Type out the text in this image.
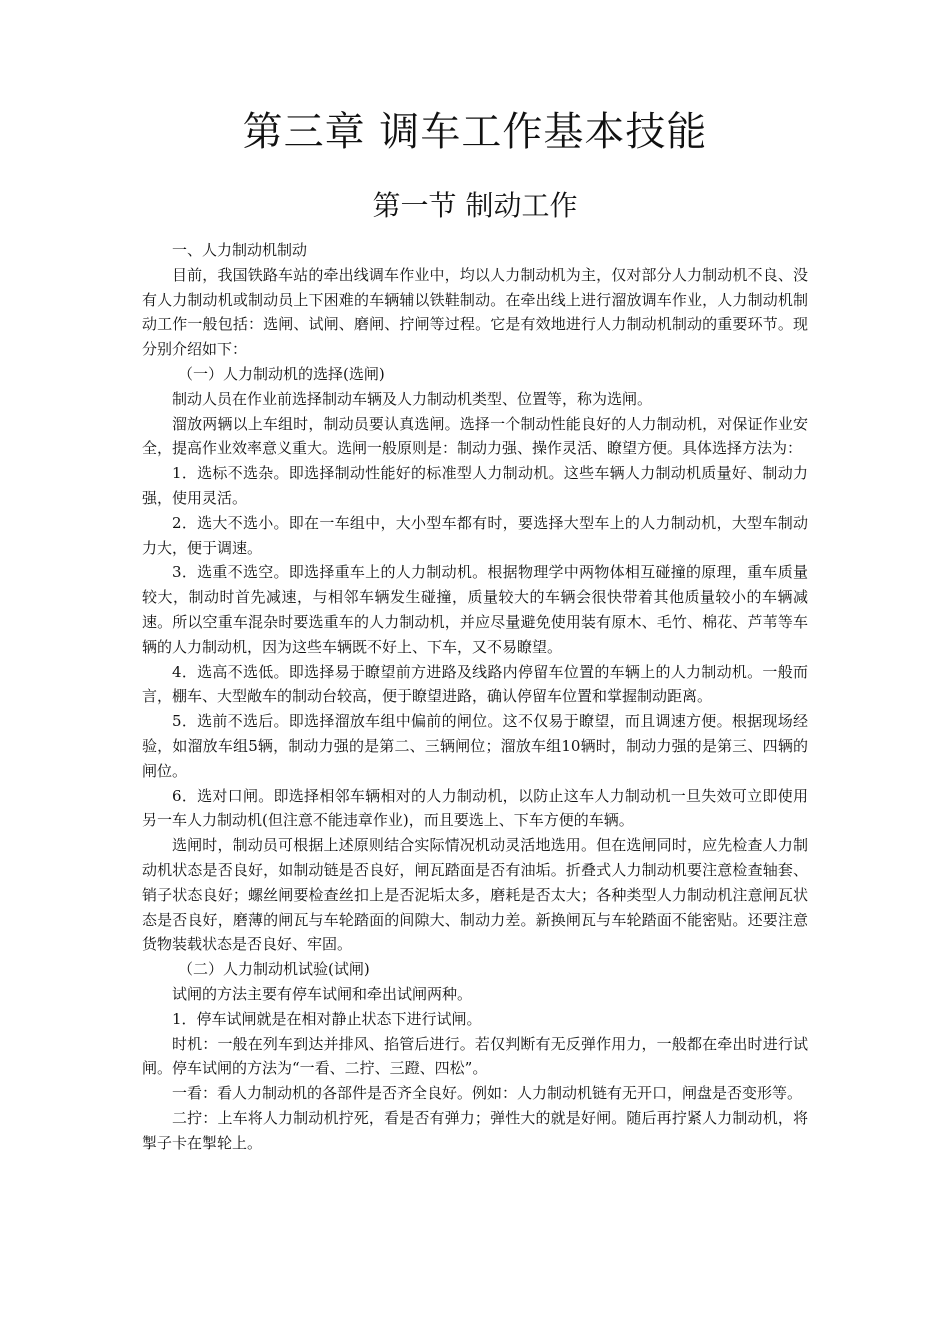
第三章 调车工作基本技能
第一节 制动工作

一、人力制动机制动

目前，我国铁路车站的牵出线调车作业中，均以人力制动机为主，仅对部分人力制动机不良、没有人力制动机或制动员上下困难的车辆辅以铁鞋制动。在牵出线上进行溜放调车作业，人力制动机制动工作一般包括：选闸、试闸、磨闸、拧闸等过程。它是有效地进行人力制动机制动的重要环节。现分别介绍如下：

（一）人力制动机的选择(选闸)

制动人员在作业前选择制动车辆及人力制动机类型、位置等，称为选闸。

溜放两辆以上车组时，制动员要认真选闸。选择一个制动性能良好的人力制动机，对保证作业安全，提高作业效率意义重大。选闸一般原则是：制动力强、操作灵活、瞭望方便。具体选择方法为：

1．选标不选杂。即选择制动性能好的标准型人力制动机。这些车辆人力制动机质量好、制动力强，使用灵活。

2．选大不选小。即在一车组中，大小型车都有时，要选择大型车上的人力制动机，大型车制动力大，便于调速。

3．选重不选空。即选择重车上的人力制动机。根据物理学中两物体相互碰撞的原理，重车质量较大，制动时首先减速，与相邻车辆发生碰撞，质量较大的车辆会很快带着其他质量较小的车辆减速。所以空重车混杂时要选重车的人力制动机，并应尽量避免使用装有原木、毛竹、棉花、芦苇等车辆的人力制动机，因为这些车辆既不好上、下车，又不易瞭望。

4．选高不选低。即选择易于瞭望前方进路及线路内停留车位置的车辆上的人力制动机。一般而言，棚车、大型敞车的制动台较高，便于瞭望进路，确认停留车位置和掌握制动距离。

5．选前不选后。即选择溜放车组中偏前的闸位。这不仅易于瞭望，而且调速方便。根据现场经验，如溜放车组5辆，制动力强的是第二、三辆闸位；溜放车组10辆时，制动力强的是第三、四辆的闸位。

6．选对口闸。即选择相邻车辆相对的人力制动机，以防止这车人力制动机一旦失效可立即使用另一车人力制动机(但注意不能违章作业)，而且要选上、下车方便的车辆。

选闸时，制动员可根据上述原则结合实际情况机动灵活地选用。但在选闸同时，应先检查人力制动机状态是否良好，如制动链是否良好，闸瓦踏面是否有油垢。折叠式人力制动机要注意检查轴套、销子状态良好；螺丝闸要检查丝扣上是否泥垢太多，磨耗是否太大；各种类型人力制动机注意闸瓦状态是否良好，磨薄的闸瓦与车轮踏面的间隙大、制动力差。新换闸瓦与车轮踏面不能密贴。还要注意货物装载状态是否良好、牢固。

（二）人力制动机试验(试闸)

试闸的方法主要有停车试闸和牵出试闸两种。

1．停车试闸就是在相对静止状态下进行试闸。

时机：一般在列车到达并排风、掐管后进行。若仅判断有无反弹作用力，一般都在牵出时进行试闸。停车试闸的方法为“一看、二拧、三蹬、四松”。

一看：看人力制动机的各部件是否齐全良好。例如：人力制动机链有无开口，闸盘是否变形等。

二拧：上车将人力制动机拧死，看是否有弹力；弹性大的就是好闸。随后再拧紧人力制动机，将掣子卡在掣轮上。
